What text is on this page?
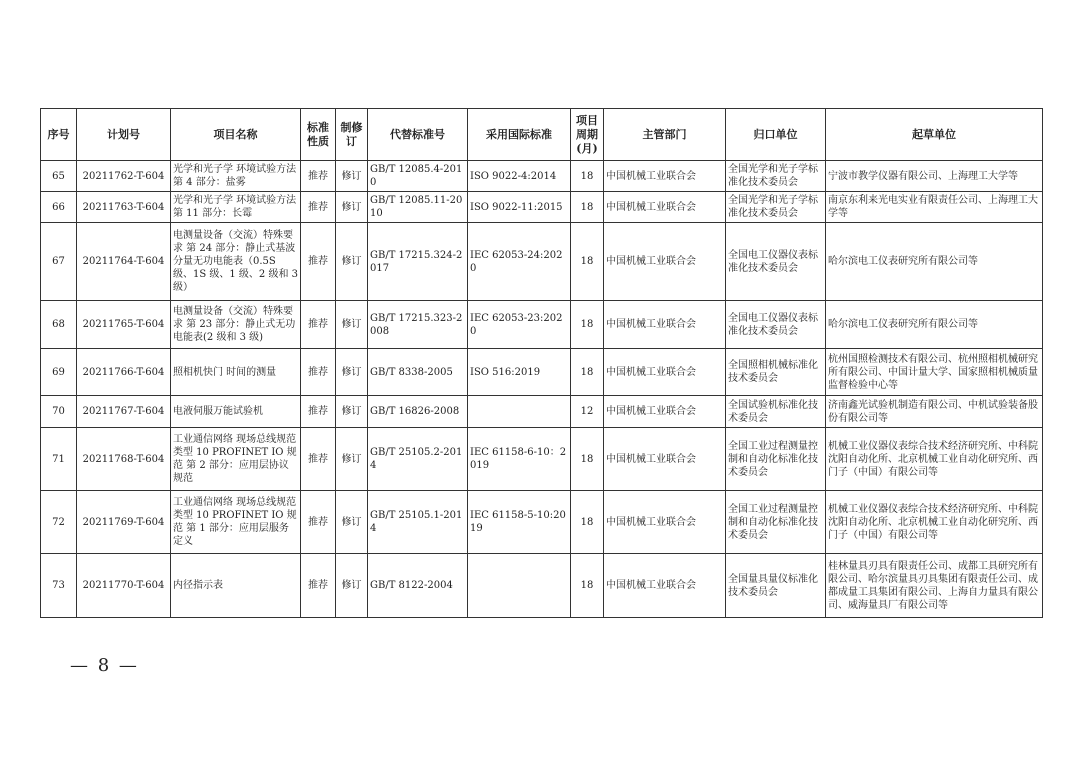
序号	计划号	项目名称	标准性质	制修订	代替标准号	采用国际标准	项目周期(月)	主管部门	归口单位	起草单位
65	20211762-T-604	光学和光子学 环境试验方法第 4 部分：盐雾	推荐	修订	GB/T 12085.4-2010	ISO 9022-4:2014	18	中国机械工业联合会	全国光学和光子学标准化技术委员会	宁波市教学仪器有限公司、上海理工大学等
66	20211763-T-604	光学和光子学 环境试验方法第 11 部分：长霉	推荐	修订	GB/T 12085.11-2010	ISO 9022-11:2015	18	中国机械工业联合会	全国光学和光子学标准化技术委员会	南京东利来光电实业有限责任公司、上海理工大学等
67	20211764-T-604	电测量设备（交流）特殊要求 第 24 部分：静止式基波分量无功电能表（0.5S 级、1S 级、1 级、2 级和 3 级）	推荐	修订	GB/T 17215.324-2017	IEC 62053-24:2020	18	中国机械工业联合会	全国电工仪器仪表标准化技术委员会	哈尔滨电工仪表研究所有限公司等
68	20211765-T-604	电测量设备（交流）特殊要求 第 23 部分：静止式无功电能表(2 级和 3 级)	推荐	修订	GB/T 17215.323-2008	IEC 62053-23:2020	18	中国机械工业联合会	全国电工仪器仪表标准化技术委员会	哈尔滨电工仪表研究所有限公司等
69	20211766-T-604	照相机快门 时间的测量	推荐	修订	GB/T 8338-2005	ISO 516:2019	18	中国机械工业联合会	全国照相机械标准化技术委员会	杭州国照检测技术有限公司、杭州照相机械研究所有限公司、中国计量大学、国家照相机械质量监督检验中心等
70	20211767-T-604	电液伺服万能试验机	推荐	修订	GB/T 16826-2008		12	中国机械工业联合会	全国试验机标准化技术委员会	济南鑫光试验机制造有限公司、中机试验装备股份有限公司等
71	20211768-T-604	工业通信网络 现场总线规范 类型 10 PROFINET IO 规范 第 2 部分：应用层协议规范	推荐	修订	GB/T 25105.2-2014	IEC 61158-6-10：2019	18	中国机械工业联合会	全国工业过程测量控制和自动化标准化技术委员会	机械工业仪器仪表综合技术经济研究所、中科院沈阳自动化所、北京机械工业自动化研究所、西门子（中国）有限公司等
72	20211769-T-604	工业通信网络 现场总线规范 类型 10 PROFINET IO 规范 第 1 部分：应用层服务定义	推荐	修订	GB/T 25105.1-2014	IEC 61158-5-10:2019	18	中国机械工业联合会	全国工业过程测量控制和自动化标准化技术委员会	机械工业仪器仪表综合技术经济研究所、中科院沈阳自动化所、北京机械工业自动化研究所、西门子（中国）有限公司等
73	20211770-T-604	内径指示表	推荐	修订	GB/T 8122-2004		18	中国机械工业联合会	全国量具量仪标准化技术委员会	桂林量具刃具有限责任公司、成都工具研究所有限公司、哈尔滨量具刃具集团有限责任公司、成都成量工具集团有限公司、上海自力量具有限公司、威海量具厂有限公司等
— 8 —
